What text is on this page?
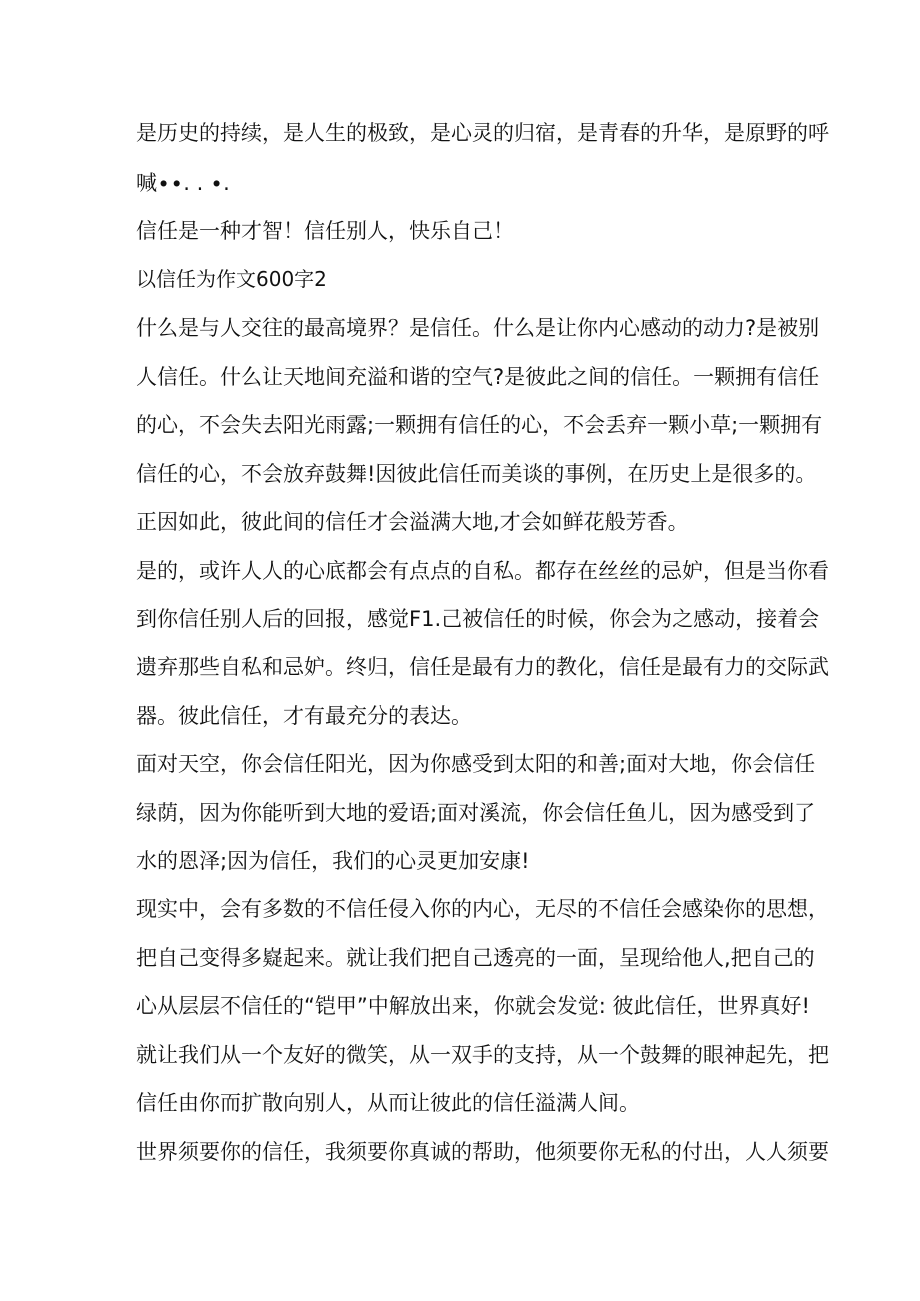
是历史的持续，是人生的极致，是心灵的归宿，是青春的升华，是原野的呼
喊∙∙. . ∙.
信任是一种才智！信任别人，快乐自己！
以信任为作文600字2
什么是与人交往的最高境界？是信任。什么是让你内心感动的动力?是被别
人信任。什么让天地间充溢和谐的空气?是彼此之间的信任。一颗拥有信任
的心，不会失去阳光雨露;一颗拥有信任的心，不会丢弃一颗小草;一颗拥有
信任的心，不会放弃鼓舞!因彼此信任而美谈的事例，在历史上是很多的。
正因如此，彼此间的信任才会溢满大地,才会如鲜花般芳香。
是的，或许人人的心底都会有点点的自私。都存在丝丝的忌妒，但是当你看
到你信任别人后的回报，感觉F1.己被信任的时候，你会为之感动，接着会
遗弃那些自私和忌妒。终归，信任是最有力的教化，信任是最有力的交际武
器。彼此信任，才有最充分的表达。
面对天空，你会信任阳光，因为你感受到太阳的和善;面对大地，你会信任
绿荫，因为你能听到大地的爱语;面对溪流，你会信任鱼儿，因为感受到了
水的恩泽;因为信任，我们的心灵更加安康!
现实中，会有多数的不信任侵入你的内心，无尽的不信任会感染你的思想，
把自己变得多嶷起来。就让我们把自己透亮的一面，呈现给他人,把自己的
心从层层不信任的“铠甲”中解放出来，你就会发觉: 彼此信任，世界真好!
就让我们从一个友好的微笑，从一双手的支持，从一个鼓舞的眼神起先，把
信任由你而扩散向别人，从而让彼此的信任溢满人间。
世界须要你的信任，我须要你真诚的帮助，他须要你无私的付出，人人须要
